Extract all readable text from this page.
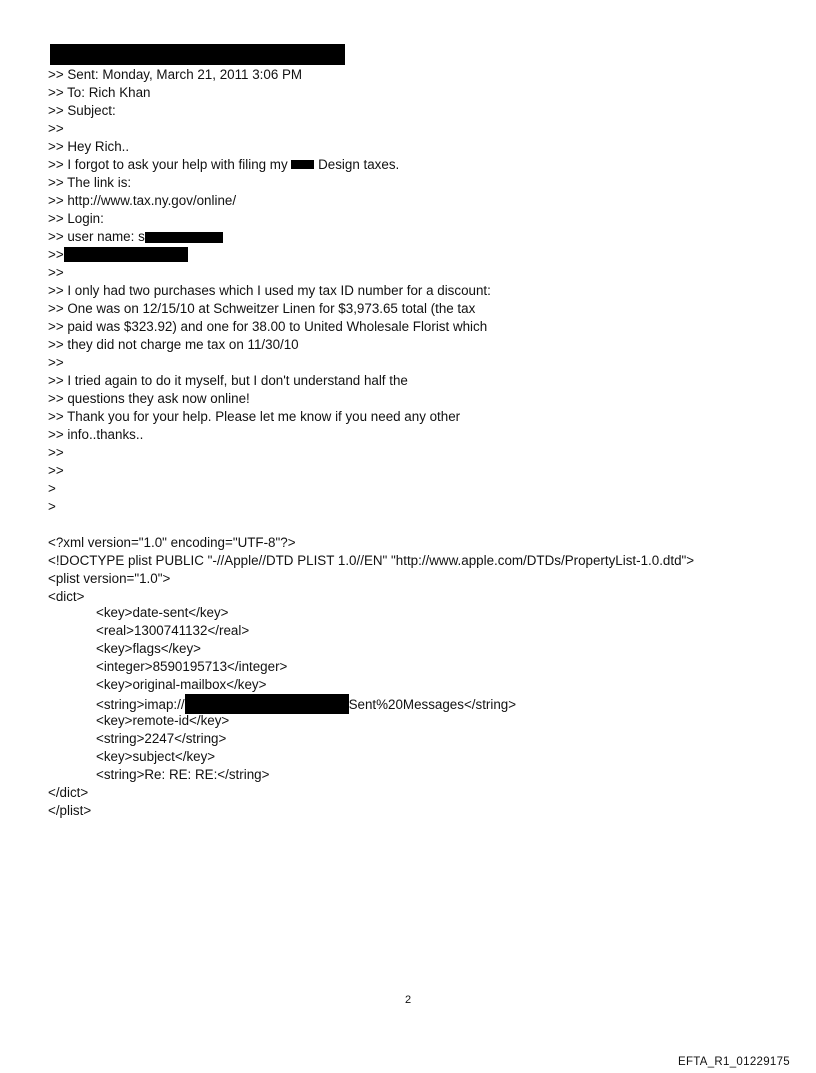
>> Sent: Monday, March 21, 2011 3:06 PM
>> To: Rich Khan
>> Subject:
>>
>> Hey Rich..
>> I forgot to ask your help with filing my  Design taxes.
>> The link is:
>> http://www.tax.ny.gov/online/
>> Login:
>> user name: s
>>
>>
>> I only had two purchases which I used my tax ID number for a discount:
>> One was on 12/15/10 at Schweitzer Linen for $3,973.65 total (the tax
>> paid was $323.92) and one for 38.00 to United Wholesale Florist which
>> they did not charge me tax on 11/30/10
>>
>> I tried again to do it myself, but I don't understand half the
>> questions they ask now online!
>> Thank you for your help. Please let me know if you need any other
>> info..thanks..
>>
>>
>
>
<?xml version="1.0" encoding="UTF-8"?>
<!DOCTYPE plist PUBLIC "-//Apple//DTD PLIST 1.0//EN" "http://www.apple.com/DTDs/PropertyList-1.0.dtd">
<plist version="1.0">
<dict>
<key>date-sent</key>
<real>1300741132</real>
<key>flags</key>
<integer>8590195713</integer>
<key>original-mailbox</key>
<string>imap://	Sent%20Messages</string>
<key>remote-id</key>
<string>2247</string>
<key>subject</key>
<string>Re: RE: RE:</string>
</dict>
</plist>
2
EFTA_R1_01229175
